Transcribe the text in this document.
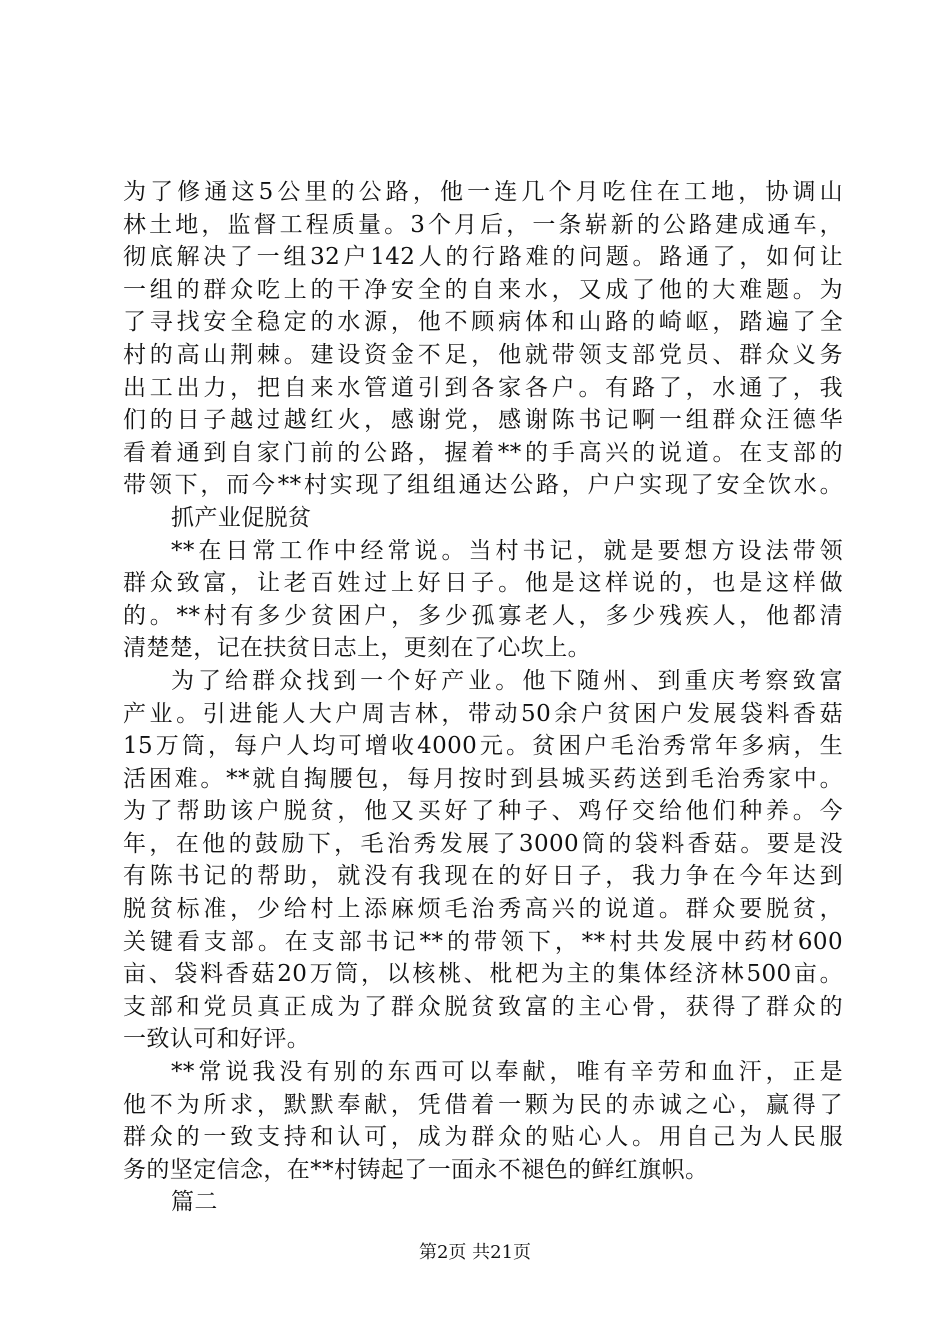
为了修通这5公里的公路，他一连几个月吃住在工地，协调山
林土地，监督工程质量。3个月后，一条崭新的公路建成通车，
彻底解决了一组32户142人的行路难的问题。路通了，如何让
一组的群众吃上的干净安全的自来水，又成了他的大难题。为
了寻找安全稳定的水源，他不顾病体和山路的崎岖，踏遍了全
村的高山荆棘。建设资金不足，他就带领支部党员、群众义务
出工出力，把自来水管道引到各家各户。有路了，水通了，我
们的日子越过越红火，感谢党，感谢陈书记啊一组群众汪德华
看着通到自家门前的公路，握着**的手高兴的说道。在支部的
带领下，而今**村实现了组组通达公路，户户实现了安全饮水。
抓产业促脱贫
**在日常工作中经常说。当村书记，就是要想方设法带领
群众致富，让老百姓过上好日子。他是这样说的，也是这样做
的。**村有多少贫困户，多少孤寡老人，多少残疾人，他都清
清楚楚，记在扶贫日志上，更刻在了心坎上。
为了给群众找到一个好产业。他下随州、到重庆考察致富
产业。引进能人大户周吉林，带动50余户贫困户发展袋料香菇
15万筒，每户人均可增收4000元。贫困户毛治秀常年多病，生
活困难。**就自掏腰包，每月按时到县城买药送到毛治秀家中。
为了帮助该户脱贫，他又买好了种子、鸡仔交给他们种养。今
年，在他的鼓励下，毛治秀发展了3000筒的袋料香菇。要是没
有陈书记的帮助，就没有我现在的好日子，我力争在今年达到
脱贫标准，少给村上添麻烦毛治秀高兴的说道。群众要脱贫，
关键看支部。在支部书记**的带领下，**村共发展中药材600
亩、袋料香菇20万筒，以核桃、枇杷为主的集体经济林500亩。
支部和党员真正成为了群众脱贫致富的主心骨，获得了群众的
一致认可和好评。
**常说我没有别的东西可以奉献，唯有辛劳和血汗，正是
他不为所求，默默奉献，凭借着一颗为民的赤诚之心，赢得了
群众的一致支持和认可，成为群众的贴心人。用自己为人民服
务的坚定信念，在**村铸起了一面永不褪色的鲜红旗帜。
篇二
第2页 共21页
